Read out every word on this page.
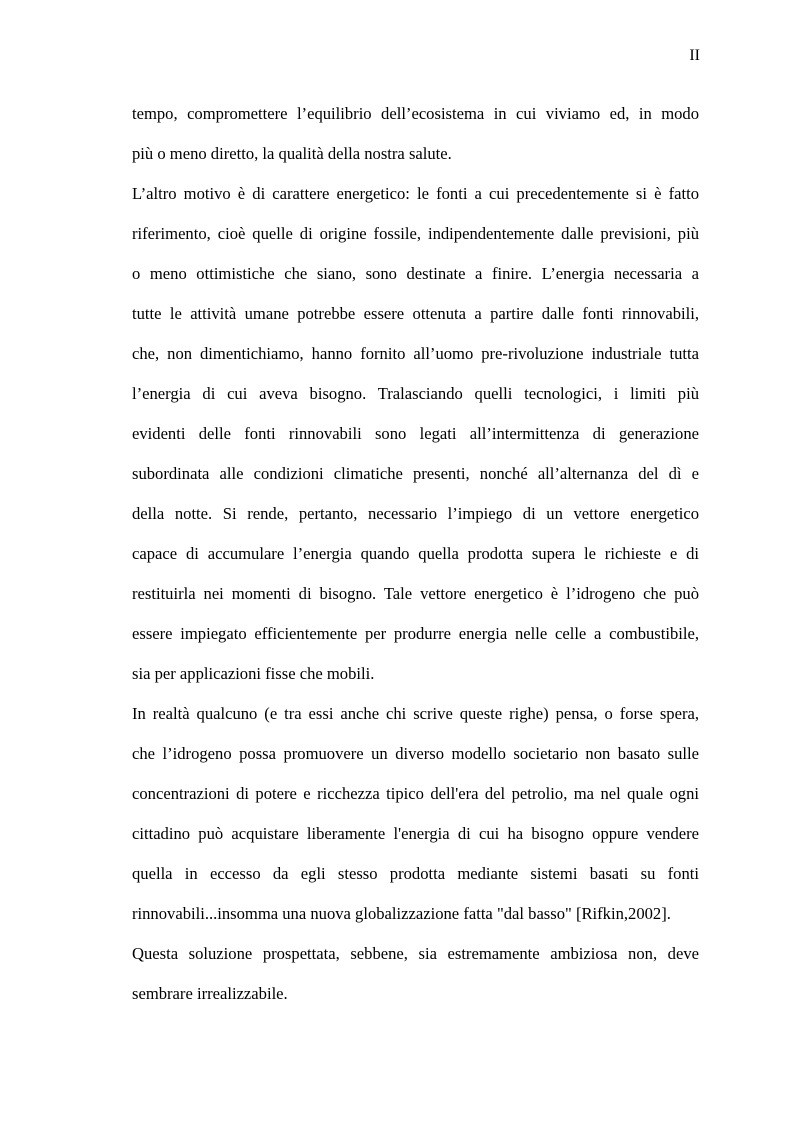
II
tempo, compromettere l’equilibrio dell’ecosistema in cui viviamo ed, in modo
più o meno diretto, la qualità della nostra salute.
L’altro motivo è di carattere energetico: le fonti a cui precedentemente si è fatto
riferimento, cioè quelle di origine fossile, indipendentemente dalle previsioni, più
o meno ottimistiche che siano, sono destinate a finire. L’energia necessaria a
tutte le attività umane potrebbe essere ottenuta a partire dalle fonti rinnovabili,
che, non dimentichiamo, hanno fornito all’uomo pre-rivoluzione industriale tutta
l’energia di cui aveva bisogno. Tralasciando quelli tecnologici, i limiti più
evidenti delle fonti rinnovabili sono legati all’intermittenza di generazione
subordinata alle condizioni climatiche presenti, nonché all’alternanza del dì e
della notte. Si rende, pertanto, necessario l’impiego di un vettore energetico
capace di accumulare l’energia quando quella prodotta supera le richieste e di
restituirla nei momenti di bisogno. Tale vettore energetico è l’idrogeno che può
essere impiegato efficientemente per produrre energia nelle celle a combustibile,
sia per applicazioni fisse che mobili.
In realtà qualcuno (e tra essi anche chi scrive queste righe) pensa, o forse spera,
che l’idrogeno possa promuovere un diverso modello societario non basato sulle
concentrazioni di potere e ricchezza tipico dell'era del petrolio, ma nel quale ogni
cittadino può acquistare liberamente l'energia di cui ha bisogno oppure vendere
quella in eccesso da egli stesso prodotta mediante sistemi basati su fonti
rinnovabili...insomma una nuova globalizzazione fatta "dal basso" [Rifkin,2002].
Questa soluzione prospettata, sebbene, sia estremamente ambiziosa non, deve
sembrare irrealizzabile.
